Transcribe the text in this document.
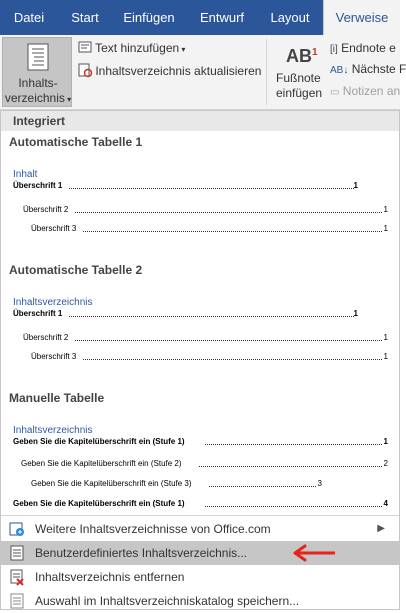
Datei	Start	Einfügen	Entwurf	Layout	Verweise
Inhalts-
verzeichnis ▾
Text hinzufügen ▾
Inhaltsverzeichnis aktualisieren
$AB^1$
Fußnote
einfügen
[i] Endnote e
AB↓ Nächste F
▭ Notizen an
Integriert
Automatische Tabelle 1
Inhalt
Überschrift 1	1
Überschrift 2	1
Überschrift 3	1
Automatische Tabelle 2
Inhaltsverzeichnis
Überschrift 1	1
Überschrift 2	1
Überschrift 3	1
Manuelle Tabelle
Inhaltsverzeichnis
Geben Sie die Kapitelüberschrift ein (Stufe 1)	1
Geben Sie die Kapitelüberschrift ein (Stufe 2)	2
Geben Sie die Kapitelüberschrift ein (Stufe 3)	3
Geben Sie die Kapitelüberschrift ein (Stufe 1)	4
Weitere Inhaltsverzeichnisse von Office.com	▶
Benutzerdefiniertes Inhaltsverzeichnis...
Inhaltsverzeichnis entfernen
Auswahl im Inhaltsverzeichniskatalog speichern...
